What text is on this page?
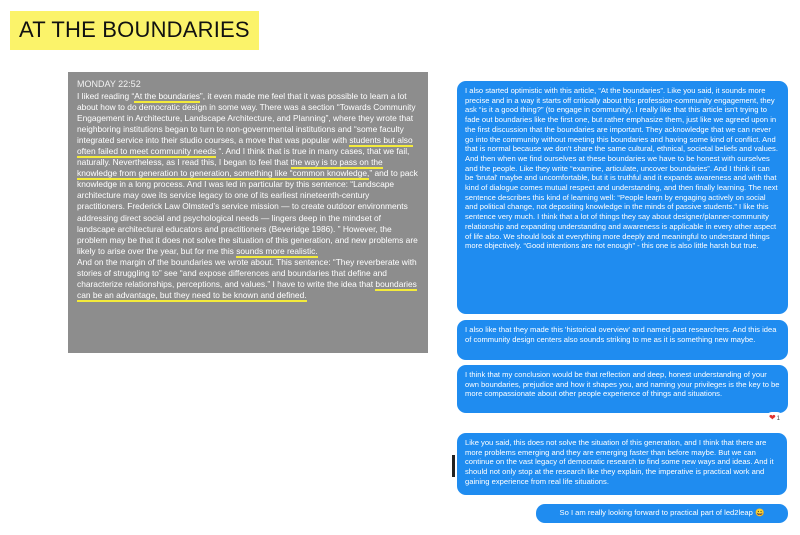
AT THE BOUNDARIES
MONDAY 22:52
I liked reading “At the boundaries”, it even made me feel that it was possible to learn a lot about how to do democratic design in some way. There was a section “Towards Community Engagement in Architecture, Landscape Architecture, and Planning”, where they wrote that neighboring institutions began to turn to non-governmental institutions and “some faculty integrated service into their studio courses, a move that was popular with students but also often failed to meet community needs “. And I think that is true in many cases, that we fail, naturally. Nevertheless, as I read this, I began to feel that the way is to pass on the knowledge from generation to generation, something like “common knowledge,” and to pack knowledge in a long process. And I was led in particular by this sentence: “Landscape architecture may owe its service legacy to one of its earliest nineteenth-century practitioners. Frederick Law Olmsted’s service mission — to create outdoor environments addressing direct social and psychological needs — lingers deep in the mindset of landscape architectural educators and practitioners (Beveridge 1986). ” However, the problem may be that it does not solve the situation of this generation, and new problems are likely to arise over the year, but for me this sounds more realistic.
And on the margin of the boundaries we wrote about. This sentence: “They reverberate with stories of struggling to” see “and expose differences and boundaries that define and characterize relationships, perceptions, and values.” I have to write the idea that boundaries can be an advantage, but they need to be known and defined.
I also started optimistic with this article, “At the boundaries”. Like you said, it sounds more precise and in a way it starts off critically about this profession-community engagement, they ask “is it a good thing?” (to engage in community). I really like that this article isn't trying to fade out boundaries like the first one, but rather emphasize them, just like we agreed upon in the first discussion that the boundaries are important. They acknowledge that we can never go into the community without meeting this boundaries and having some kind of conflict. And that is normal because we don't share the same cultural, ethnical, societal beliefs and values. And then when we find ourselves at these boundaries we have to be honest with ourselves and the people. Like they write “examine, articulate, uncover boundaries”. And I think it can be 'brutal' maybe and uncomfortable, but it is truthful and it expands awareness and with that kind of dialogue comes mutual respect and understanding, and then finally learning. The next sentence describes this kind of learning well: “People learn by engaging actively on social and political change, not depositing knowledge in the minds of passive students.” I like this sentence very much. I think that a lot of things they say about designer/planner-community relationship and expanding understanding and awareness is applicable in every other aspect of life also. We should look at everything more deeply and meaningful to understand things more objectively. “Good intentions are not enough” - this one is also little harsh but true.
I also like that they made this 'historical overview' and named past researchers. And this idea of community design centers also sounds striking to me as it is something new maybe.
I think that my conclusion would be that reflection and deep, honest understanding of your own boundaries, prejudice and how it shapes you, and naming your privileges is the key to be more compassionate about other people experience of things and situations.
❤1
Like you said, this does not solve the situation of this generation, and I think that there are more problems emerging and they are emerging faster than before maybe. But we can continue on the vast legacy of democratic research to find some new ways and ideas. And it should not only stop at the research like they explain, the imperative is practical work and gaining experience from real life situations.
So I am really looking forward to practical part of led2leap 😀
